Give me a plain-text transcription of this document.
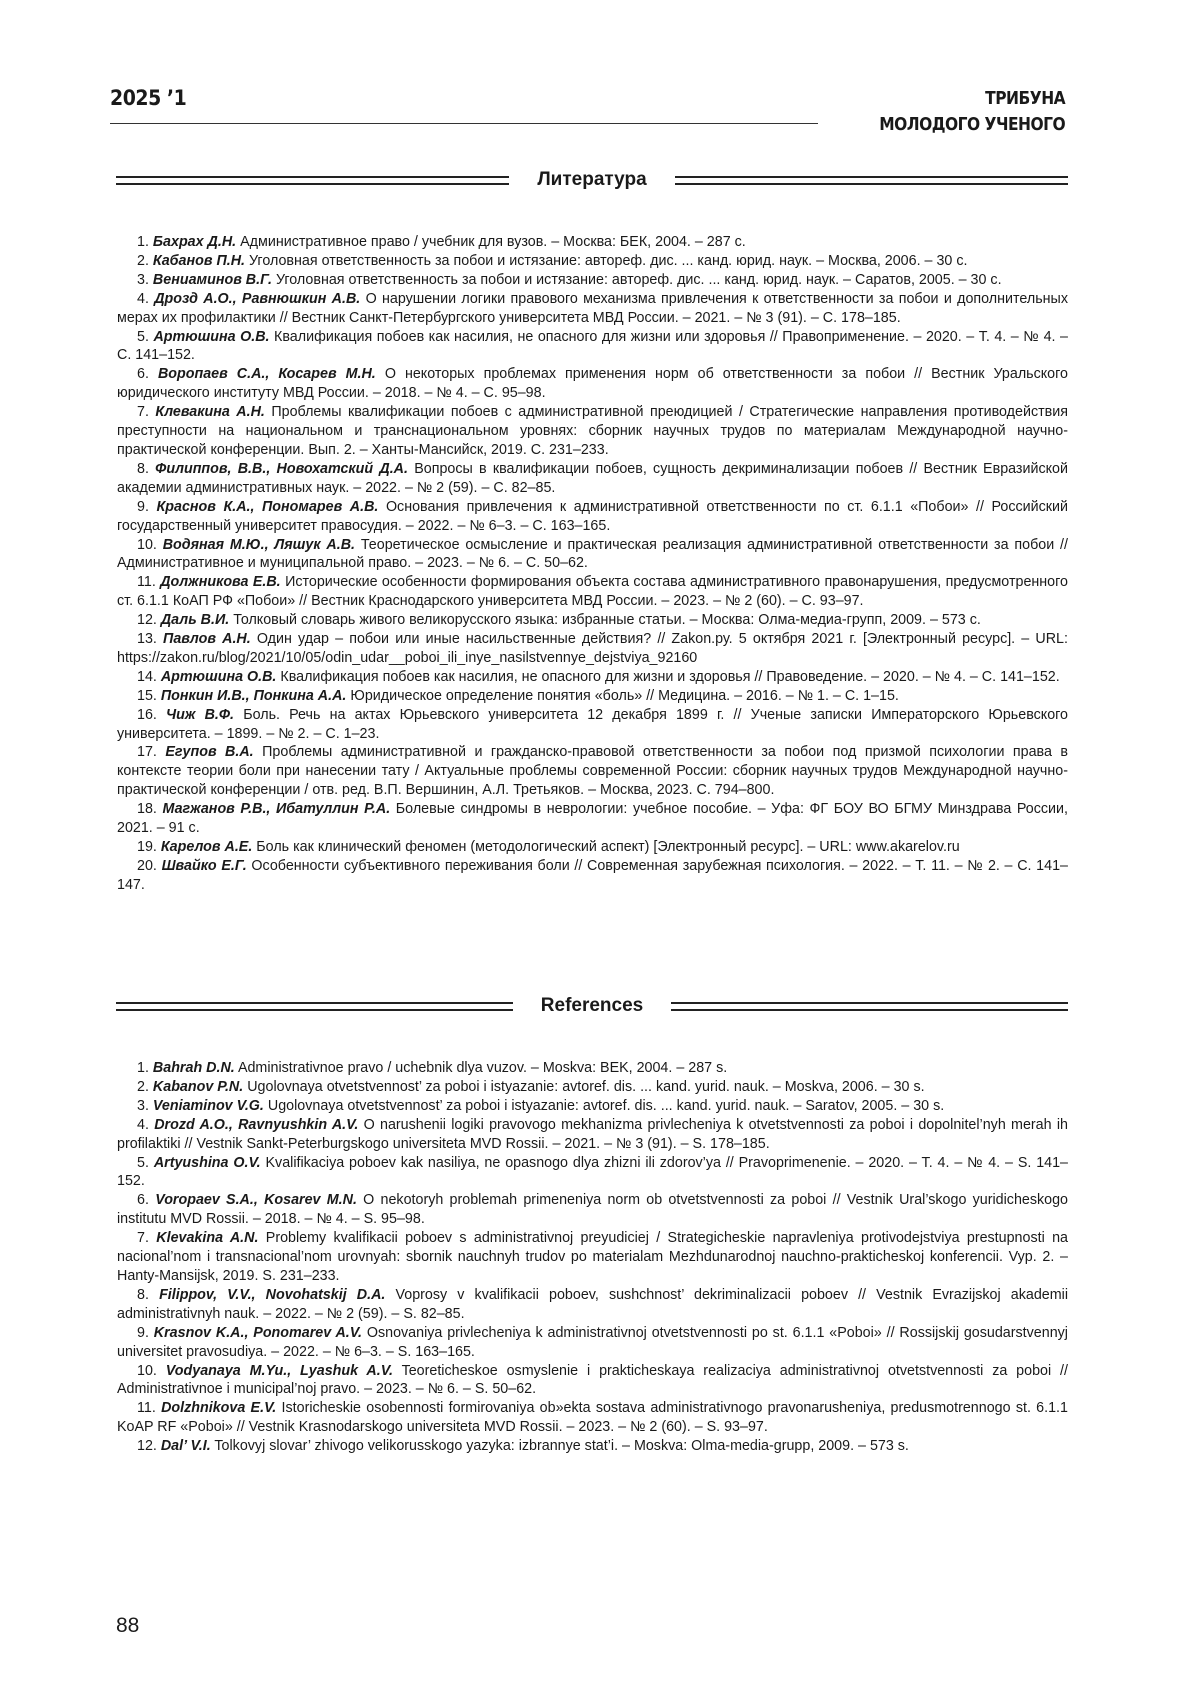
2025 ’1	ТРИБУНА
МОЛОДОГО УЧЕНОГО
Литература

1. Бахрах Д.Н. Административное право / учебник для вузов. – Москва: БЕК, 2004. – 287 с.

2. Кабанов П.Н. Уголовная ответственность за побои и истязание: автореф. дис. ... канд. юрид. наук. – Москва, 2006. – 30 с.

3. Вениаминов В.Г. Уголовная ответственность за побои и истязание: автореф. дис. ... канд. юрид. наук. – Саратов, 2005. – 30 с.

4. Дрозд А.О., Равнюшкин А.В. О нарушении логики правового механизма привлечения к ответственности за побои и дополнительных мерах их профилактики // Вестник Санкт-Петербургского университета МВД России. – 2021. – № 3 (91). – С. 178–185.

5. Артюшина О.В. Квалификация побоев как насилия, не опасного для жизни или здоровья // Правоприменение. – 2020. – Т. 4. – № 4. – С. 141–152.

6. Воропаев С.А., Косарев М.Н. О некоторых проблемах применения норм об ответственности за побои // Вестник Уральского юридического институту МВД России. – 2018. – № 4. – С. 95–98.

7. Клевакина А.Н. Проблемы квалификации побоев с административной преюдицией / Стратегические направления противодействия преступности на национальном и транснациональном уровнях: сборник научных трудов по материалам Международной научно-практической конференции. Вып. 2. – Ханты-Мансийск, 2019. С. 231–233.

8. Филиппов, В.В., Новохатский Д.А. Вопросы в квалификации побоев, сущность декриминализации побоев // Вестник Евразийской академии административных наук. – 2022. – № 2 (59). – С. 82–85.

9. Краснов К.А., Пономарев А.В. Основания привлечения к административной ответственности по ст. 6.1.1 «Побои» // Российский государственный университет правосудия. – 2022. – № 6–3. – С. 163–165.

10. Водяная М.Ю., Ляшук А.В. Теоретическое осмысление и практическая реализация административной ответственности за побои // Административное и муниципальной право. – 2023. – № 6. – С. 50–62.

11. Должникова Е.В. Исторические особенности формирования объекта состава административного правонарушения, предусмотренного ст. 6.1.1 КоАП РФ «Побои» // Вестник Краснодарского университета МВД России. – 2023. – № 2 (60). – С. 93–97.

12. Даль В.И. Толковый словарь живого великорусского языка: избранные статьи. – Москва: Олма-медиа-групп, 2009. – 573 с.

13. Павлов А.Н. Один удар – побои или иные насильственные действия? // Zakon.ру. 5 октября 2021 г. [Электронный ресурс]. – URL: https://zakon.ru/blog/2021/10/05/odin_udar__poboi_ili_inye_nasilstvennye_dejstviya_92160

14. Артюшина О.В. Квалификация побоев как насилия, не опасного для жизни и здоровья // Правоведение. – 2020. – № 4. – С. 141–152.

15. Понкин И.В., Понкина А.А. Юридическое определение понятия «боль» // Медицина. – 2016. – № 1. – С. 1–15.

16. Чиж В.Ф. Боль. Речь на актах Юрьевского университета 12 декабря 1899 г. // Ученые записки Императорского Юрьевского университета. – 1899. – № 2. – С. 1–23.

17. Егупов В.А. Проблемы административной и гражданско-правовой ответственности за побои под призмой психологии права в контексте теории боли при нанесении тату / Актуальные проблемы современной России: сборник научных трудов Международной научно-практической конференции / отв. ред. В.П. Вершинин, А.Л. Третьяков. – Москва, 2023. С. 794–800.

18. Магжанов Р.В., Ибатуллин Р.А. Болевые синдромы в неврологии: учебное пособие. – Уфа: ФГ БОУ ВО БГМУ Минздрава России, 2021. – 91 с.

19. Карелов А.Е. Боль как клинический феномен (методологический аспект) [Электронный ресурс]. – URL: www.akarelov.ru

20. Швайко Е.Г. Особенности субъективного переживания боли // Современная зарубежная психология. – 2022. – Т. 11. – № 2. – С. 141–147.

References

1. Bahrah D.N. Administrativnoe pravo / uchebnik dlya vuzov. – Moskva: BEK, 2004. – 287 s.

2. Kabanov P.N. Ugolovnaya otvetstvennost’ za poboi i istyazanie: avtoref. dis. ... kand. yurid. nauk. – Moskva, 2006. – 30 s.

3. Veniaminov V.G. Ugolovnaya otvetstvennost’ za poboi i istyazanie: avtoref. dis. ... kand. yurid. nauk. – Saratov, 2005. – 30 s.

4. Drozd A.O., Ravnyushkin A.V. O narushenii logiki pravovogo mekhanizma privlecheniya k otvetstvennosti za poboi i dopolnitel’nyh merah ih profilaktiki // Vestnik Sankt-Peterburgskogo universiteta MVD Rossii. – 2021. – № 3 (91). – S. 178–185.

5. Artyushina O.V. Kvalifikaciya poboev kak nasiliya, ne opasnogo dlya zhizni ili zdorov’ya // Pravoprimenenie. – 2020. – T. 4. – № 4. – S. 141–152.

6. Voropaev S.A., Kosarev M.N. O nekotoryh problemah primeneniya norm ob otvetstvennosti za poboi // Vestnik Ural’skogo yuridicheskogo institutu MVD Rossii. – 2018. – № 4. – S. 95–98.

7. Klevakina A.N. Problemy kvalifikacii poboev s administrativnoj preyudiciej / Strategicheskie napravleniya protivodejstviya prestupnosti na nacional’nom i transnacional’nom urovnyah: sbornik nauchnyh trudov po materialam Mezhdunarodnoj nauchno-prakticheskoj konferencii. Vyp. 2. – Hanty-Mansijsk, 2019. S. 231–233.

8. Filippov, V.V., Novohatskij D.A. Voprosy v kvalifikacii poboev, sushchnost’ dekriminalizacii poboev // Vestnik Evrazijskoj akademii administrativnyh nauk. – 2022. – № 2 (59). – S. 82–85.

9. Krasnov K.A., Ponomarev A.V. Osnovaniya privlecheniya k administrativnoj otvetstvennosti po st. 6.1.1 «Poboi» // Rossijskij gosudarstvennyj universitet pravosudiya. – 2022. – № 6–3. – S. 163–165.

10. Vodyanaya M.Yu., Lyashuk A.V. Teoreticheskoe osmyslenie i prakticheskaya realizaciya administrativnoj otvetstvennosti za poboi // Administrativnoe i municipal’noj pravo. – 2023. – № 6. – S. 50–62.

11. Dolzhnikova E.V. Istoricheskie osobennosti formirovaniya ob»ekta sostava administrativnogo pravonarusheniya, predusmotrennogo st. 6.1.1 KoAP RF «Poboi» // Vestnik Krasnodarskogo universiteta MVD Rossii. – 2023. – № 2 (60). – S. 93–97.

12. Dal’ V.I. Tolkovyj slovar’ zhivogo velikorusskogo yazyka: izbrannye stat’i. – Moskva: Olma-media-grupp, 2009. – 573 s.

88
